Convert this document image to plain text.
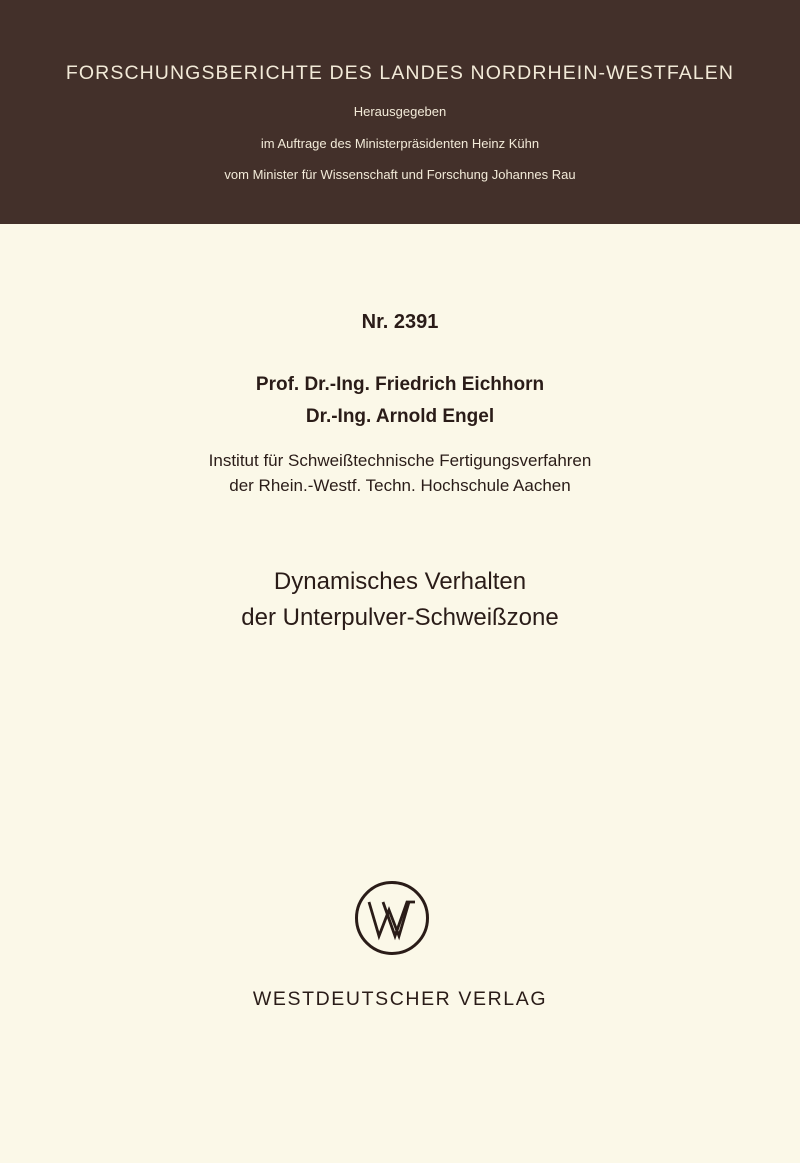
FORSCHUNGSBERICHTE DES LANDES NORDRHEIN-WESTFALEN
Herausgegeben
im Auftrage des Ministerpräsidenten Heinz Kühn
vom Minister für Wissenschaft und Forschung Johannes Rau
Nr. 2391
Prof. Dr.-Ing. Friedrich Eichhorn
Dr.-Ing. Arnold Engel
Institut für Schweißtechnische Fertigungsverfahren
der Rhein.-Westf. Techn. Hochschule Aachen
Dynamisches Verhalten
der Unterpulver-Schweißzone
WESTDEUTSCHER VERLAG
